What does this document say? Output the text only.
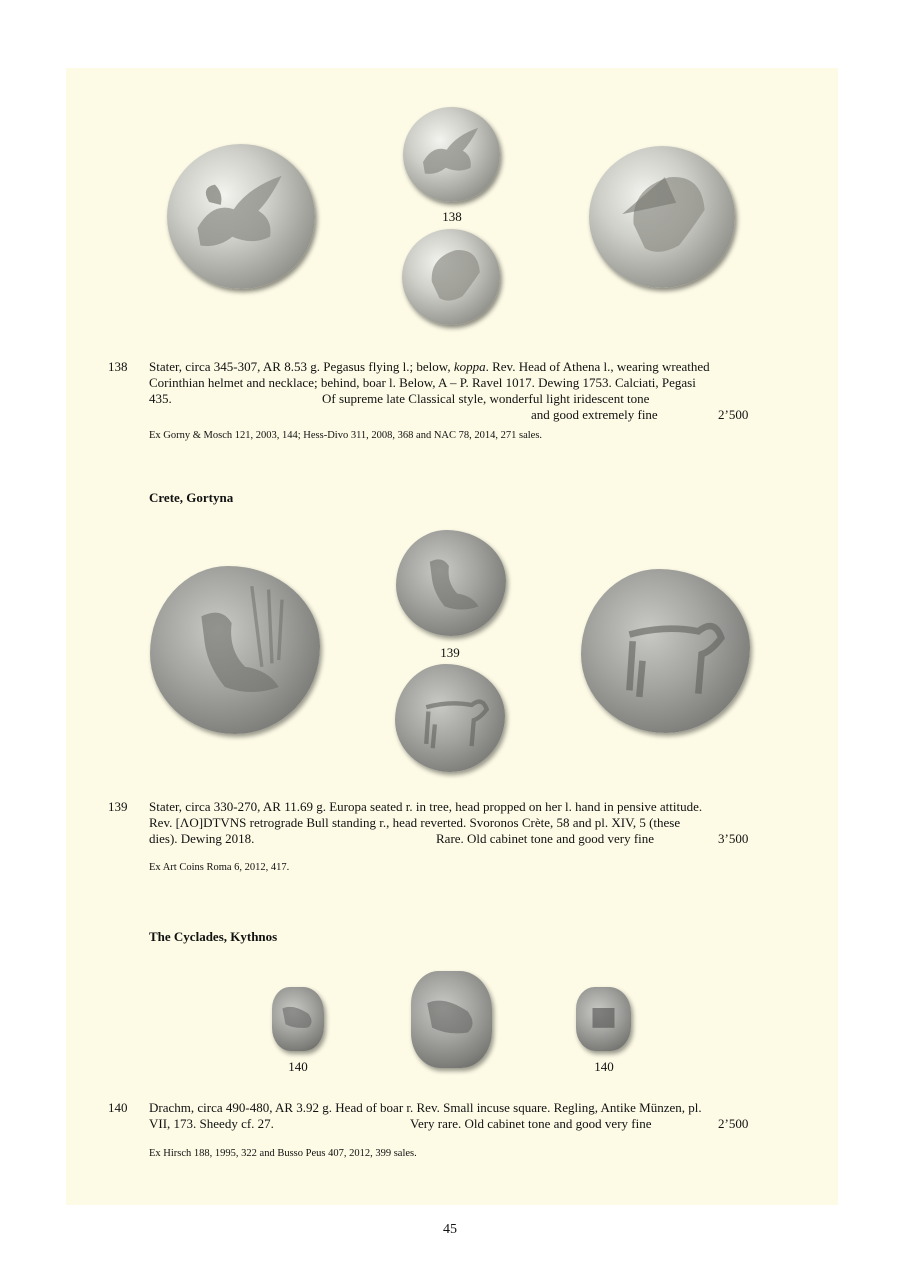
138
138 Stater, circa 345-307, AR 8.53 g. Pegasus flying l.; below, koppa. Rev. Head of Athena l., wearing wreathed
Corinthian helmet and necklace; behind, boar l. Below, A – P. Ravel 1017. Dewing 1753. Calciati, Pegasi
435.	Of supreme late Classical style, wonderful light iridescent tone
and good extremely fine	2’500
Ex Gorny & Mosch 121, 2003, 144; Hess-Divo 311, 2008, 368 and NAC 78, 2014, 271 sales.
Crete, Gortyna
139
139 Stater, circa 330-270, AR 11.69 g. Europa seated r. in tree, head propped on her l. hand in pensive attitude.
Rev. [ΛO]DTVNS retrograde Bull standing r., head reverted. Svoronos Crète, 58 and pl. XIV, 5 (these
dies). Dewing 2018.	Rare. Old cabinet tone and good very fine	3’500
Ex Art Coins Roma 6, 2012, 417.
The Cyclades, Kythnos
140	140
140 Drachm, circa 490-480, AR 3.92 g. Head of boar r. Rev. Small incuse square. Regling, Antike Münzen, pl.
VII, 173. Sheedy cf. 27.	Very rare. Old cabinet tone and good very fine	2’500
Ex Hirsch 188, 1995, 322 and Busso Peus 407, 2012, 399 sales.
45
